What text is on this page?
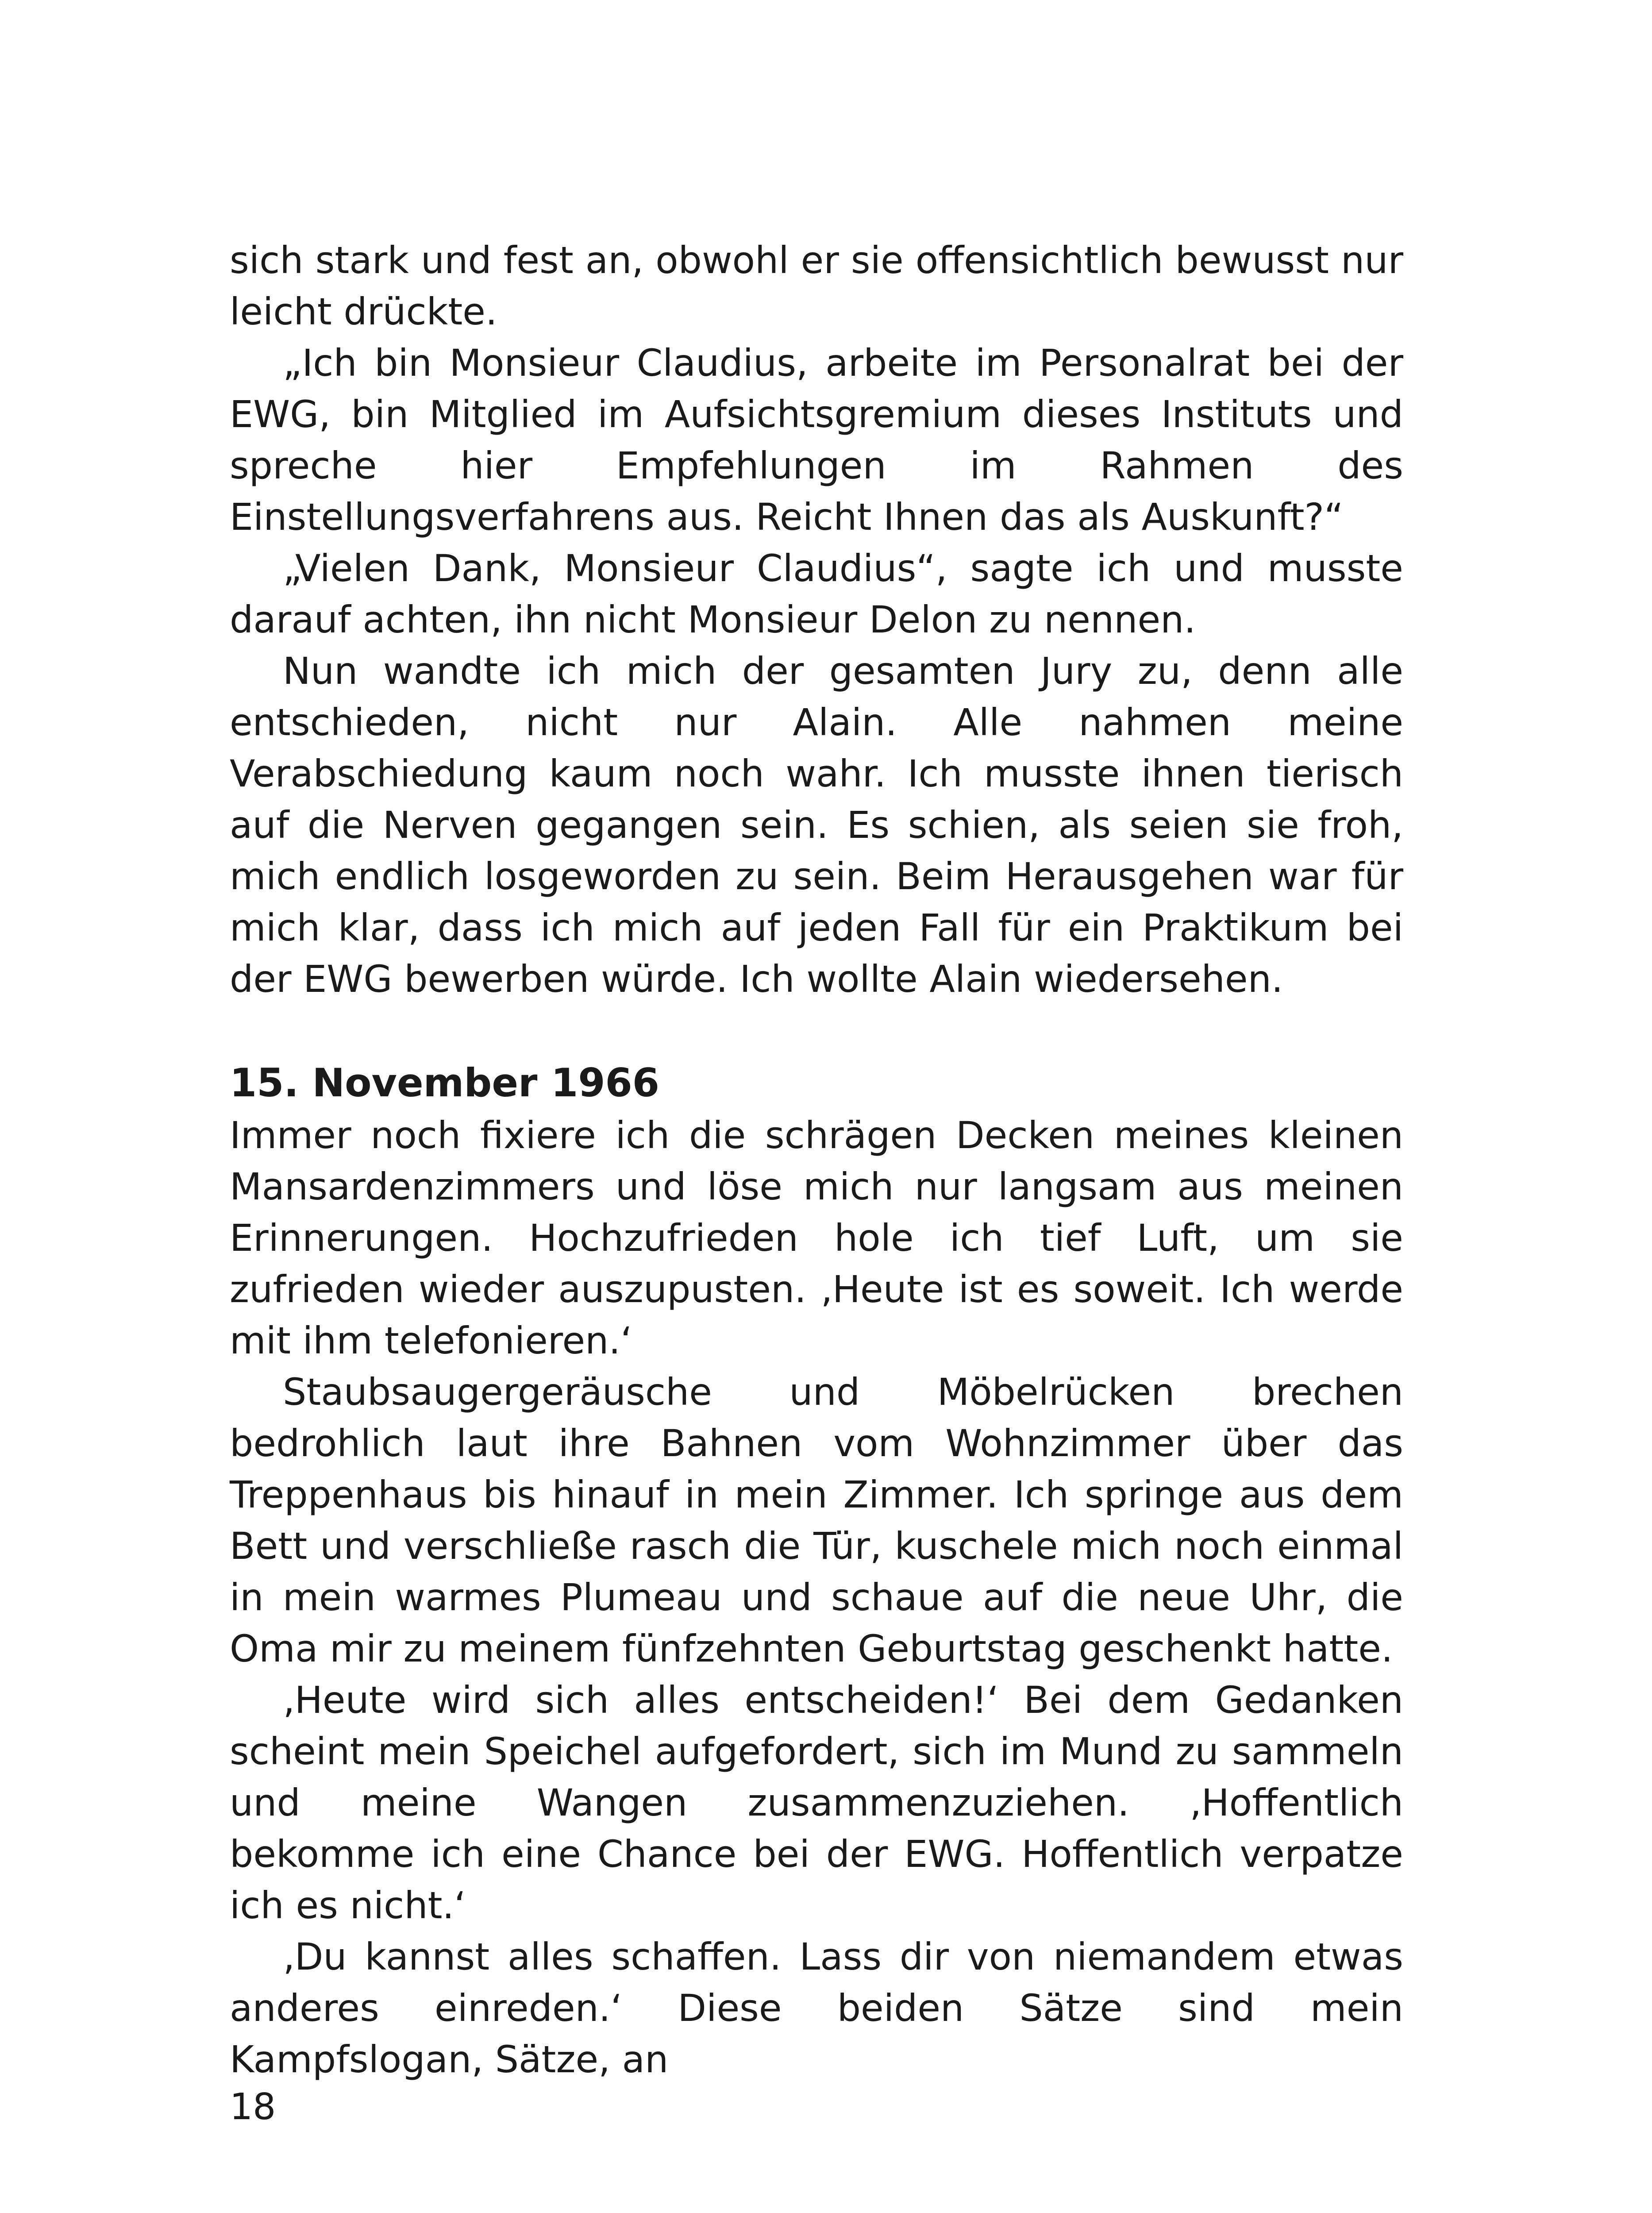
sich stark und fest an, obwohl er sie offensichtlich bewusst nur leicht drückte.

„Ich bin Monsieur Claudius, arbeite im Personalrat bei der EWG, bin Mitglied im Aufsichtsgremium dieses Instituts und spreche hier Empfehlungen im Rahmen des Einstellungsverfahrens aus. Reicht Ihnen das als Auskunft?“

„Vielen Dank, Monsieur Claudius“, sagte ich und musste darauf achten, ihn nicht Monsieur Delon zu nennen.

Nun wandte ich mich der gesamten Jury zu, denn alle entschieden, nicht nur Alain. Alle nahmen meine Verabschiedung kaum noch wahr. Ich musste ihnen tierisch auf die Nerven gegangen sein. Es schien, als seien sie froh, mich endlich losgeworden zu sein. Beim Herausgehen war für mich klar, dass ich mich auf jeden Fall für ein Praktikum bei der EWG bewerben würde. Ich wollte Alain wiedersehen.

15. November 1966

Immer noch fixiere ich die schrägen Decken meines kleinen Mansardenzimmers und löse mich nur langsam aus meinen Erinnerungen. Hochzufrieden hole ich tief Luft, um sie zufrieden wieder auszupusten. ‚Heute ist es soweit. Ich werde mit ihm telefonieren.‘

Staubsaugergeräusche und Möbelrücken brechen bedrohlich laut ihre Bahnen vom Wohnzimmer über das Treppenhaus bis hinauf in mein Zimmer. Ich springe aus dem Bett und verschließe rasch die Tür, kuschele mich noch einmal in mein warmes Plumeau und schaue auf die neue Uhr, die Oma mir zu meinem fünfzehnten Geburtstag geschenkt hatte.

‚Heute wird sich alles entscheiden!‘ Bei dem Gedanken scheint mein Speichel aufgefordert, sich im Mund zu sammeln und meine Wangen zusammenzuziehen. ‚Hoffentlich bekomme ich eine Chance bei der EWG. Hoffentlich verpatze ich es nicht.‘

‚Du kannst alles schaffen. Lass dir von niemandem etwas anderes einreden.‘ Diese beiden Sätze sind mein Kampfslogan, Sätze, an

18
